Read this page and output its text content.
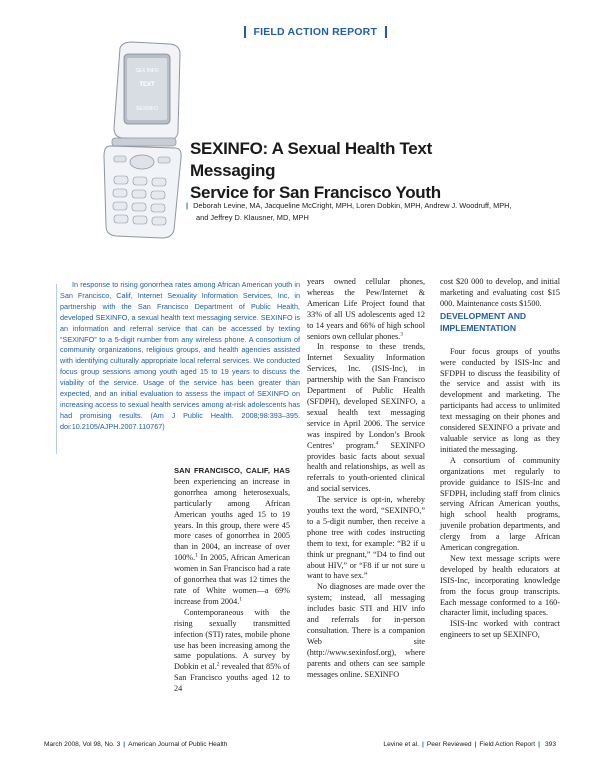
FIELD ACTION REPORT
SEX INFO
TEXT
SEXINFO
SEXINFO: A Sexual Health Text Messaging
Service for San Francisco Youth
| Deborah Levine, MA, Jacqueline McCright, MPH, Loren Dobkin, MPH, Andrew J. Woodruff, MPH,
and Jeffrey D. Klausner, MD, MPH
In response to rising gonorrhea rates among African American youth in San Francisco, Calif, Internet Sexuality Information Services, Inc, in partnership with the San Francisco Department of Public Health, developed SEXINFO, a sexual health text messaging service. SEXINFO is an information and referral service that can be accessed by texting “SEXINFO” to a 5-digit number from any wireless phone. A consortium of community organizations, religious groups, and health agencies assisted with identifying culturally appropriate local referral services. We conducted focus group sessions among youth aged 15 to 19 years to discuss the viability of the service. Usage of the service has been greater than expected, and an initial evaluation to assess the impact of SEXINFO on increasing access to sexual health services among at-risk adolescents has had promising results. (Am J Public Health. 2008;98:393–395. doi:10.2105/AJPH.2007.110767)

SAN FRANCISCO, CALIF, HAS been experiencing an increase in gonorrhea among heterosexuals, particularly among African American youths aged 15 to 19 years. In this group, there were 45 more cases of gonorrhea in 2005 than in 2004, an increase of over 100%.$^1$ In 2005, African American women in San Francisco had a rate of gonorrhea that was 12 times the rate of White women—a 69% increase from 2004.$^1$

Contemporaneous with the rising sexually transmitted infection (STI) rates, mobile phone use has been increasing among the same populations. A survey by Dobkin et al.$^2$ revealed that 85% of San Francisco youths aged 12 to 24

years owned cellular phones, whereas the Pew/Internet & American Life Project found that 33% of all US adolescents aged 12 to 14 years and 66% of high school seniors own cellular phones.$^3$

In response to these trends, Internet Sexuality Information Services, Inc. (ISIS-Inc), in partnership with the San Francisco Department of Public Health (SFDPH), developed SEXINFO, a sexual health text messaging service in April 2006. The service was inspired by London’s Brook Centres’ program.$^4$ SEXINFO provides basic facts about sexual health and relationships, as well as referrals to youth-oriented clinical and social services.

The service is opt-in, whereby youths text the word, “SEXINFO,” to a 5-digit number, then receive a phone tree with codes instructing them to text, for example: “B2 if u think ur pregnant,” “D4 to find out about HIV,” or “F8 if ur not sure u want to have sex.”

No diagnoses are made over the system; instead, all messaging includes basic STI and HIV info and referrals for in-person consultation. There is a companion Web site (http://www.sexinfosf.org), where parents and others can see sample messages online. SEXINFO

cost $20 000 to develop, and initial marketing and evaluating cost $15 000. Maintenance costs $1500.

DEVELOPMENT AND IMPLEMENTATION

Four focus groups of youths were conducted by ISIS-Inc and SFDPH to discuss the feasibility of the service and assist with its development and marketing. The participants had access to unlimited text messaging on their phones and considered SEXINFO a private and valuable service as long as they initiated the messaging.

A consortium of community organizations met regularly to provide guidance to ISIS-Inc and SFDPH, including staff from clinics serving African American youths, high school health programs, juvenile probation departments, and clergy from a large African American congregation.

New text message scripts were developed by health educators at ISIS-Inc, incorporating knowledge from the focus group transcripts. Each message conformed to a 160-character limit, including spaces.

ISIS-Inc worked with contract engineers to set up SEXINFO,

March 2008, Vol 98, No. 3 | American Journal of Public Health	Levine et al. | Peer Reviewed | Field Action Report | 393
